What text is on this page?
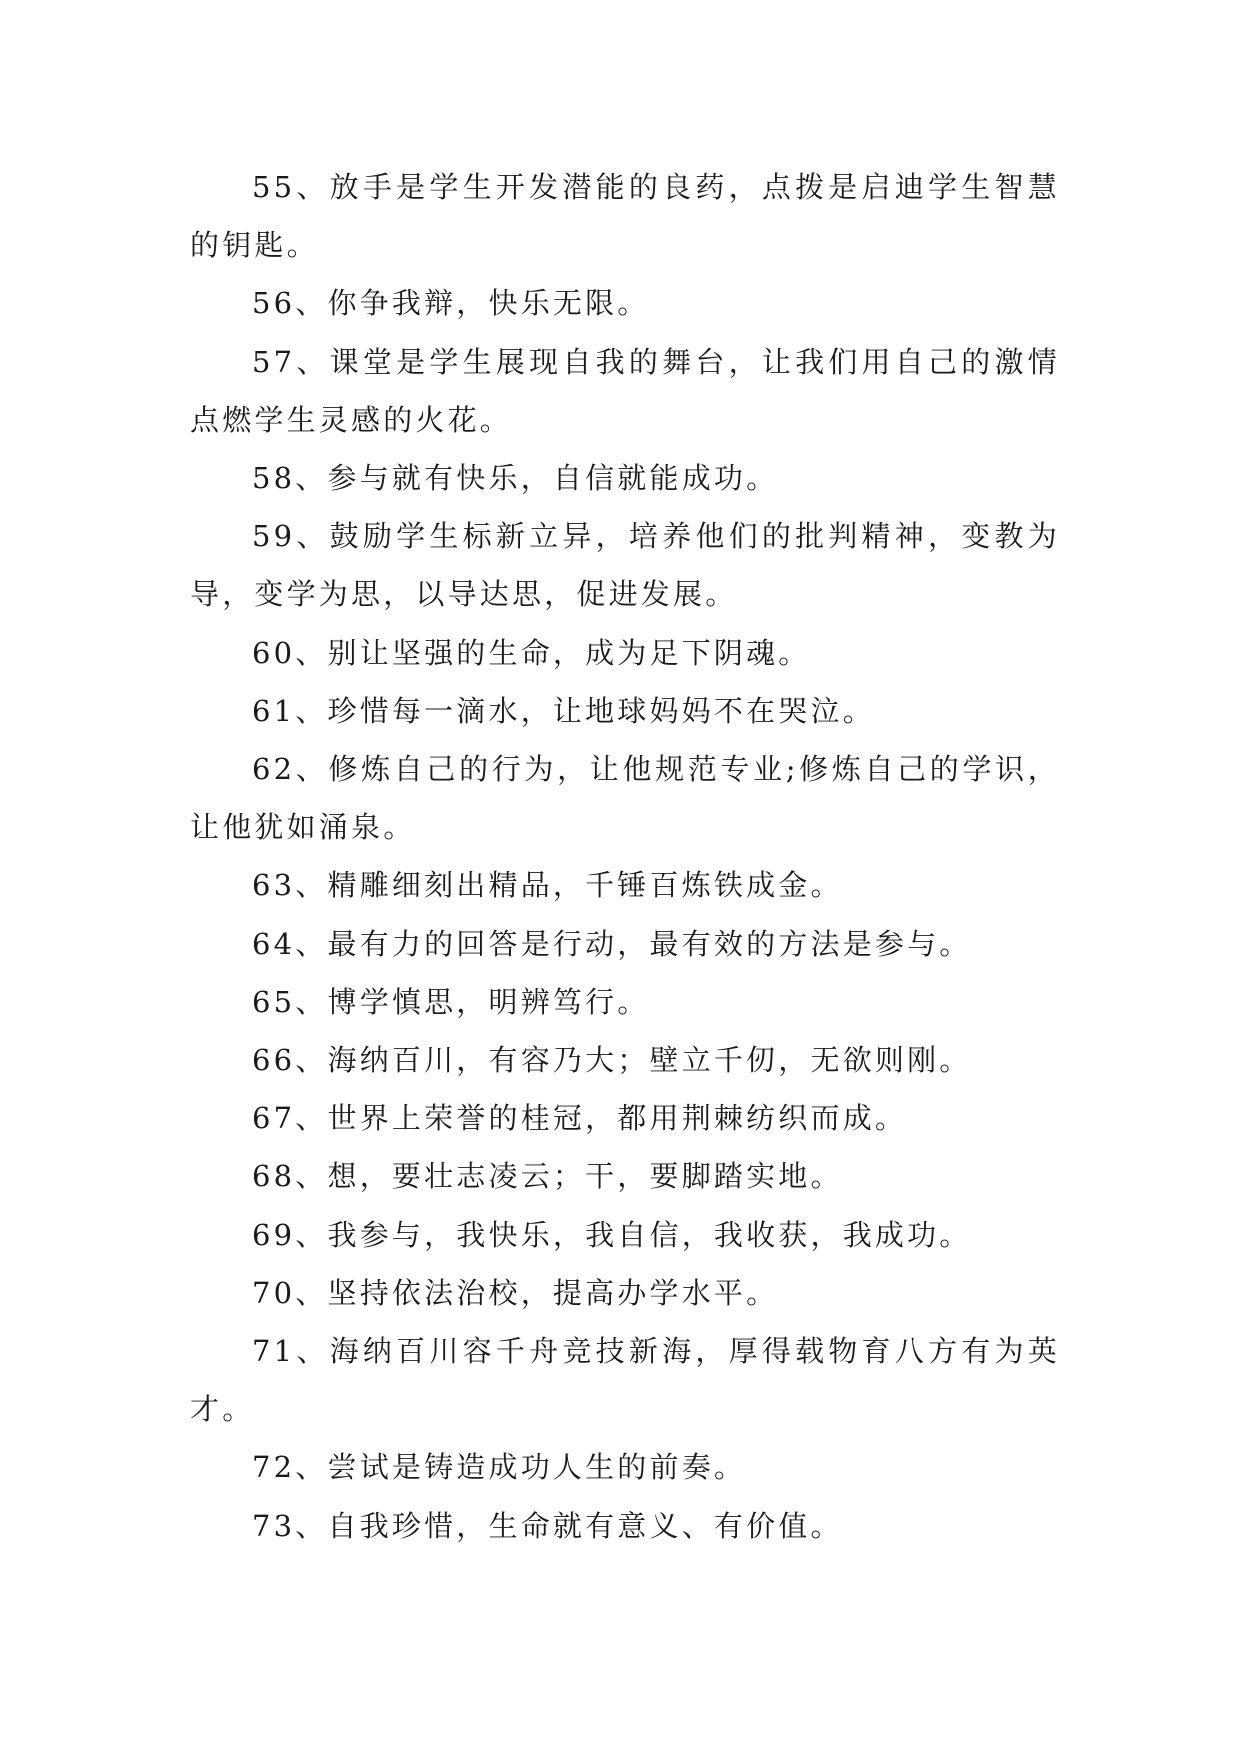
55、放手是学生开发潜能的良药，点拨是启迪学生智慧的钥匙。

56、你争我辩，快乐无限。

57、课堂是学生展现自我的舞台，让我们用自己的激情点燃学生灵感的火花。

58、参与就有快乐，自信就能成功。

59、鼓励学生标新立异，培养他们的批判精神，变教为导，变学为思，以导达思，促进发展。

60、别让坚强的生命，成为足下阴魂。

61、珍惜每一滴水，让地球妈妈不在哭泣。

62、修炼自己的行为，让他规范专业;修炼自己的学识，让他犹如涌泉。

63、精雕细刻出精品，千锤百炼铁成金。

64、最有力的回答是行动，最有效的方法是参与。

65、博学慎思，明辨笃行。

66、海纳百川，有容乃大；壁立千仞，无欲则刚。

67、世界上荣誉的桂冠，都用荆棘纺织而成。

68、想，要壮志凌云；干，要脚踏实地。

69、我参与，我快乐，我自信，我收获，我成功。

70、坚持依法治校，提高办学水平。

71、海纳百川容千舟竞技新海，厚得载物育八方有为英才。

72、尝试是铸造成功人生的前奏。

73、自我珍惜，生命就有意义、有价值。
